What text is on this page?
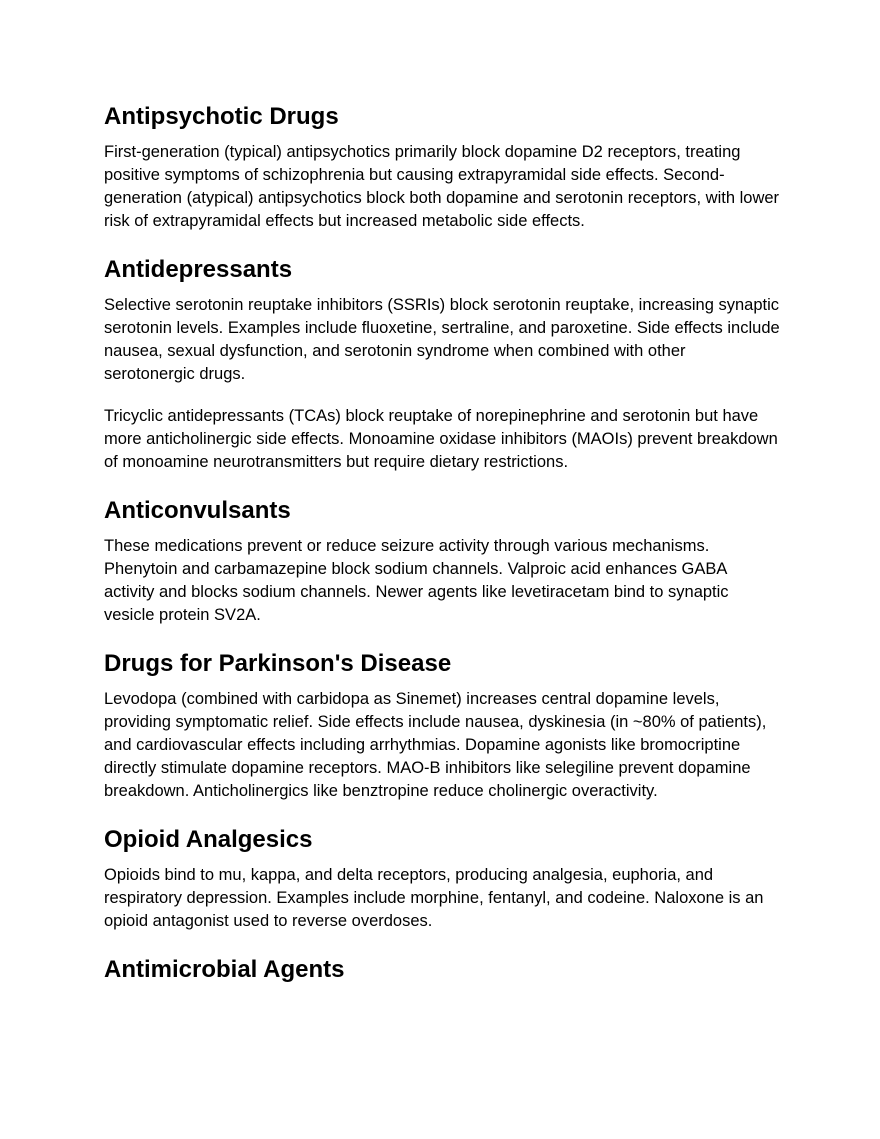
Antipsychotic Drugs

First-generation (typical) antipsychotics primarily block dopamine D2 receptors, treating positive symptoms of schizophrenia but causing extrapyramidal side effects. Second-generation (atypical) antipsychotics block both dopamine and serotonin receptors, with lower risk of extrapyramidal effects but increased metabolic side effects.

Antidepressants

Selective serotonin reuptake inhibitors (SSRIs) block serotonin reuptake, increasing synaptic serotonin levels. Examples include fluoxetine, sertraline, and paroxetine. Side effects include nausea, sexual dysfunction, and serotonin syndrome when combined with other serotonergic drugs.

Tricyclic antidepressants (TCAs) block reuptake of norepinephrine and serotonin but have more anticholinergic side effects. Monoamine oxidase inhibitors (MAOIs) prevent breakdown of monoamine neurotransmitters but require dietary restrictions.

Anticonvulsants

These medications prevent or reduce seizure activity through various mechanisms. Phenytoin and carbamazepine block sodium channels. Valproic acid enhances GABA activity and blocks sodium channels. Newer agents like levetiracetam bind to synaptic vesicle protein SV2A.

Drugs for Parkinson's Disease

Levodopa (combined with carbidopa as Sinemet) increases central dopamine levels, providing symptomatic relief. Side effects include nausea, dyskinesia (in ~80% of patients), and cardiovascular effects including arrhythmias. Dopamine agonists like bromocriptine directly stimulate dopamine receptors. MAO-B inhibitors like selegiline prevent dopamine breakdown. Anticholinergics like benztropine reduce cholinergic overactivity.

Opioid Analgesics

Opioids bind to mu, kappa, and delta receptors, producing analgesia, euphoria, and respiratory depression. Examples include morphine, fentanyl, and codeine. Naloxone is an opioid antagonist used to reverse overdoses.

Antimicrobial Agents
